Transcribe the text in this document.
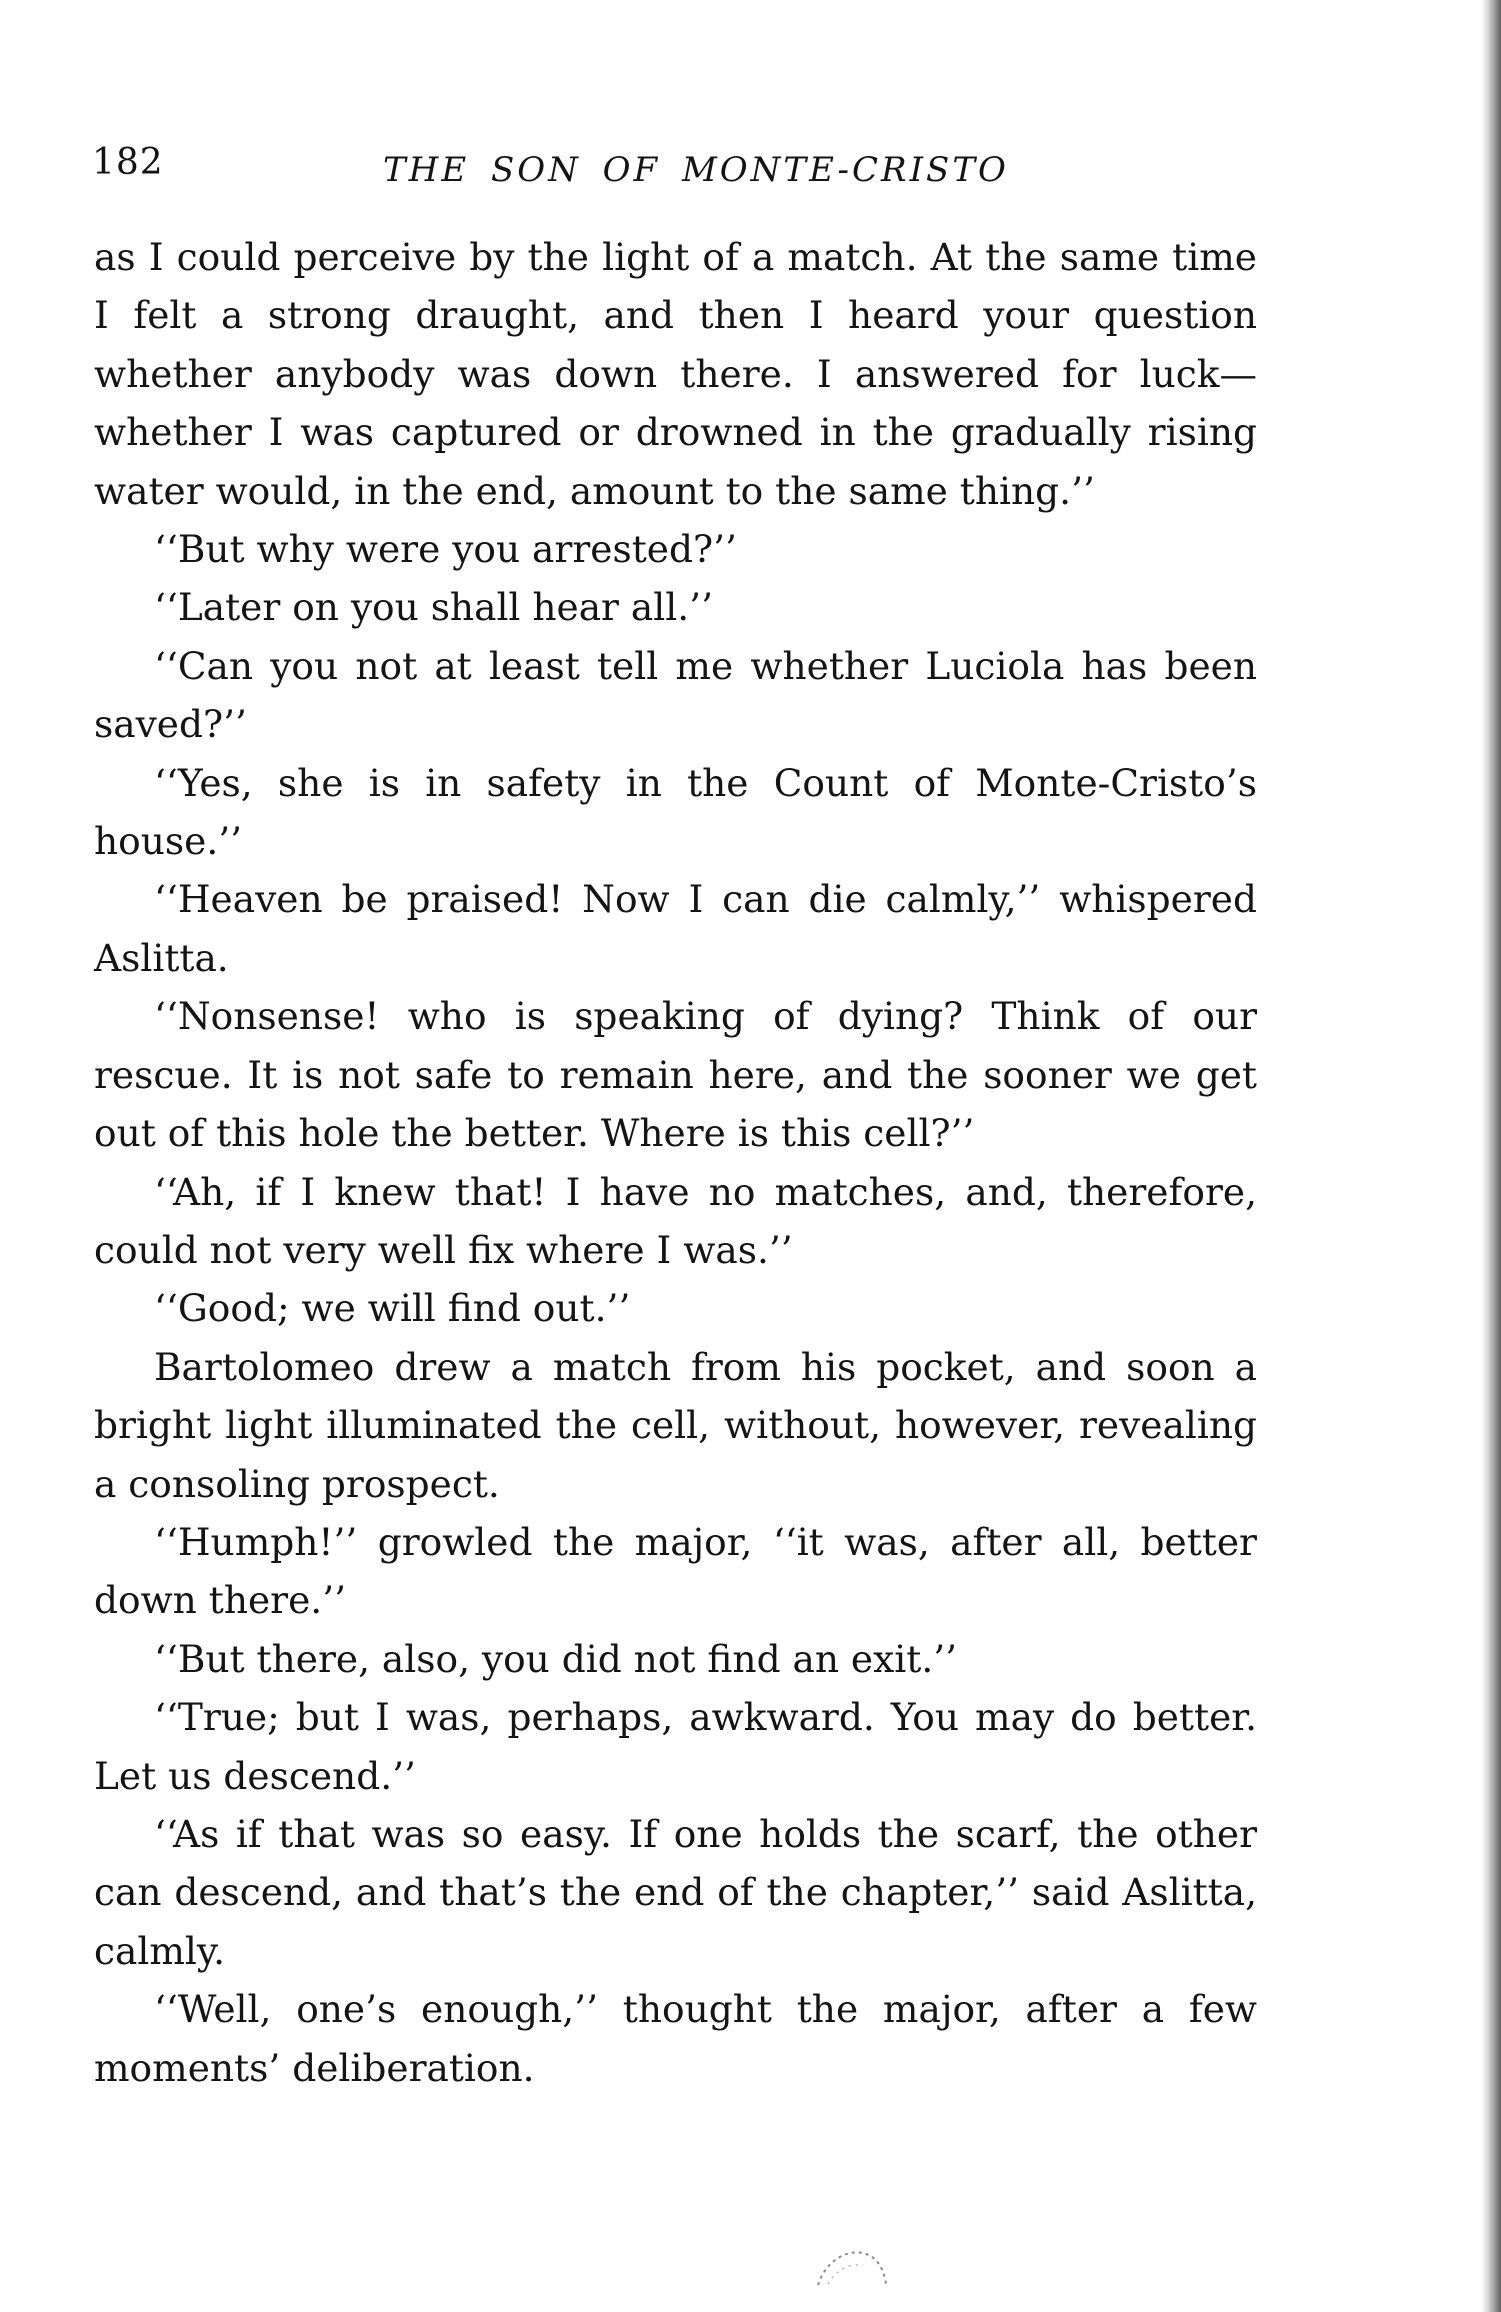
182	THE SON OF MONTE-CRISTO

as I could perceive by the light of a match. At the same time I felt a strong draught, and then I heard your question whether anybody was down there. I answered for luck—whether I was captured or drowned in the gradually rising water would, in the end, amount to the same thing.’’

‘‘But why were you arrested?’’

‘‘Later on you shall hear all.’’

‘‘Can you not at least tell me whether Luciola has been saved?’’

‘‘Yes, she is in safety in the Count of Monte-Cristo’s house.’’

‘‘Heaven be praised! Now I can die calmly,’’ whispered Aslitta.

‘‘Nonsense! who is speaking of dying? Think of our rescue. It is not safe to remain here, and the sooner we get out of this hole the better. Where is this cell?’’

‘‘Ah, if I knew that! I have no matches, and, therefore, could not very well fix where I was.’’

‘‘Good; we will find out.’’

Bartolomeo drew a match from his pocket, and soon a bright light illuminated the cell, without, however, revealing a consoling prospect.

‘‘Humph!’’ growled the major, ‘‘it was, after all, better down there.’’

‘‘But there, also, you did not find an exit.’’

‘‘True; but I was, perhaps, awkward. You may do better. Let us descend.’’

‘‘As if that was so easy. If one holds the scarf, the other can descend, and that’s the end of the chapter,’’ said Aslitta, calmly.

‘‘Well, one’s enough,’’ thought the major, after a few moments’ deliberation.
